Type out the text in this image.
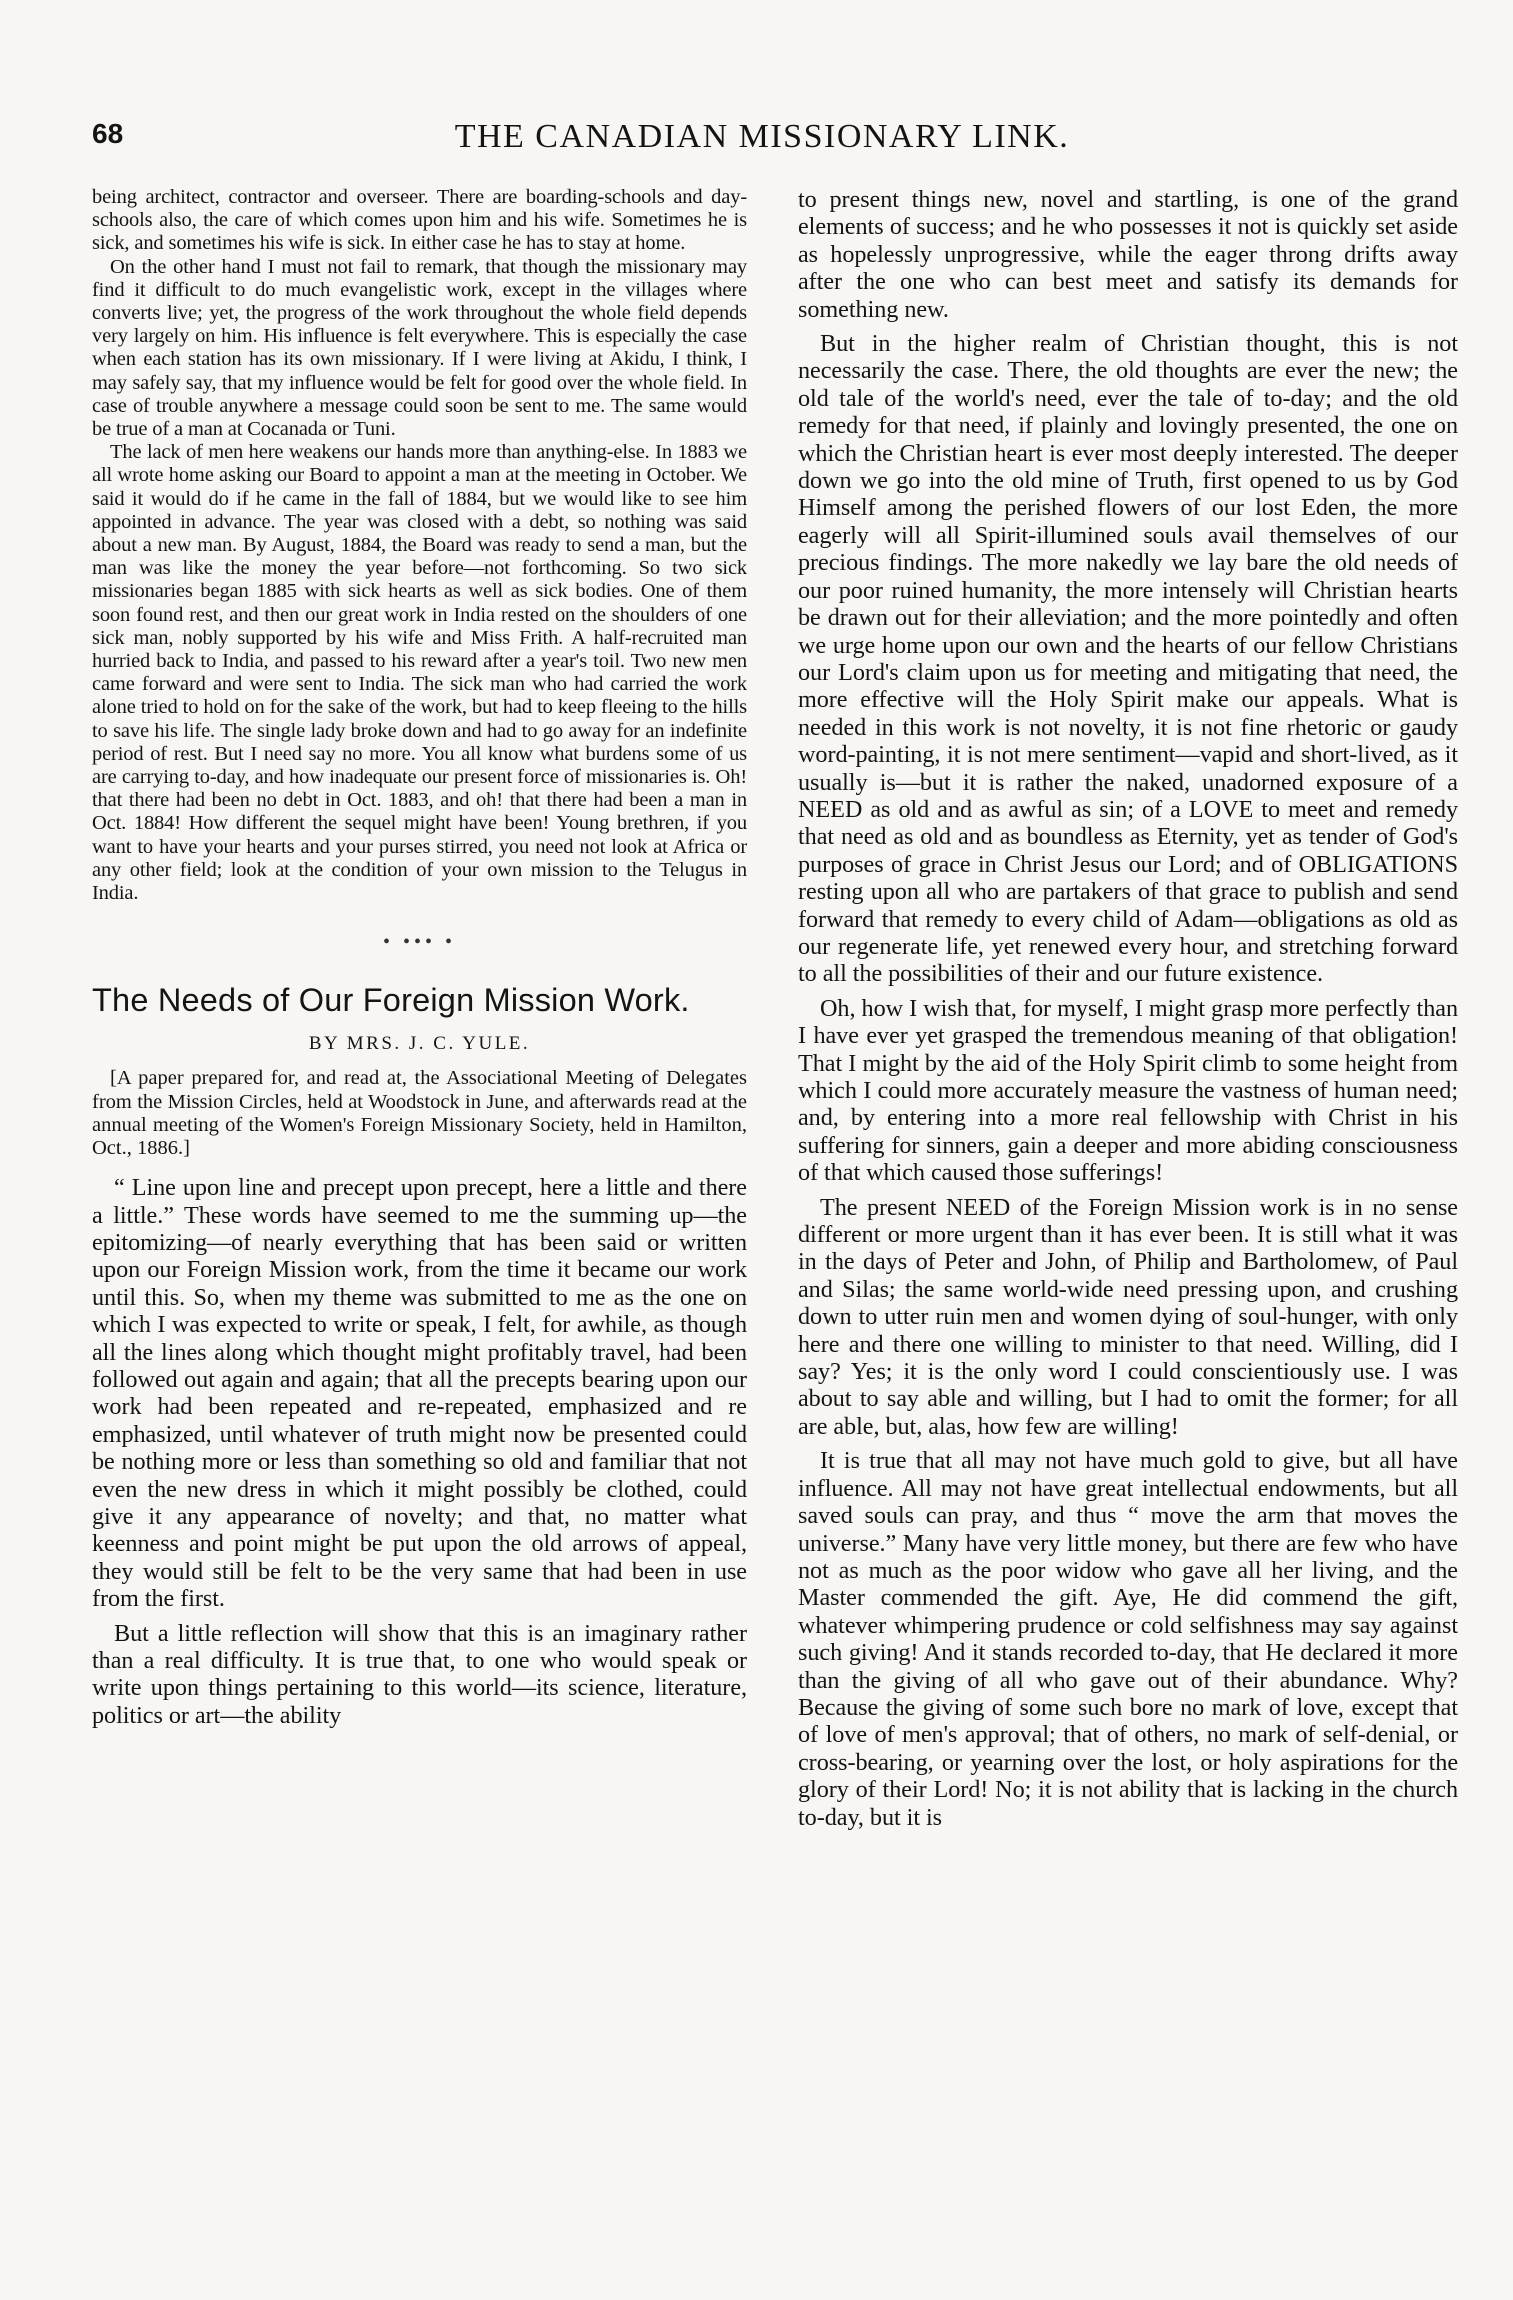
68	THE CANADIAN MISSIONARY LINK.

being architect, contractor and overseer. There are boarding-schools and day-schools also, the care of which comes upon him and his wife. Sometimes he is sick, and sometimes his wife is sick. In either case he has to stay at home.

On the other hand I must not fail to remark, that though the missionary may find it difficult to do much evangelistic work, except in the villages where converts live; yet, the progress of the work throughout the whole field depends very largely on him. His influence is felt everywhere. This is especially the case when each station has its own missionary. If I were living at Akidu, I think, I may safely say, that my influence would be felt for good over the whole field. In case of trouble anywhere a message could soon be sent to me. The same would be true of a man at Cocanada or Tuni.

The lack of men here weakens our hands more than anything-else. In 1883 we all wrote home asking our Board to appoint a man at the meeting in October. We said it would do if he came in the fall of 1884, but we would like to see him appointed in advance. The year was closed with a debt, so nothing was said about a new man. By August, 1884, the Board was ready to send a man, but the man was like the money the year before—not forthcoming. So two sick missionaries began 1885 with sick hearts as well as sick bodies. One of them soon found rest, and then our great work in India rested on the shoulders of one sick man, nobly supported by his wife and Miss Frith. A half-recruited man hurried back to India, and passed to his reward after a year's toil. Two new men came forward and were sent to India. The sick man who had carried the work alone tried to hold on for the sake of the work, but had to keep fleeing to the hills to save his life. The single lady broke down and had to go away for an indefinite period of rest. But I need say no more. You all know what burdens some of us are carrying to-day, and how inadequate our present force of missionaries is. Oh! that there had been no debt in Oct. 1883, and oh! that there had been a man in Oct. 1884! How different the sequel might have been! Young brethren, if you want to have your hearts and your purses stirred, you need not look at Africa or any other field; look at the condition of your own mission to the Telugus in India.

• ••• •
The Needs of Our Foreign Mission Work.
BY MRS. J. C. YULE.
[A paper prepared for, and read at, the Associational Meeting of Delegates from the Mission Circles, held at Woodstock in June, and afterwards read at the annual meeting of the Women's Foreign Missionary Society, held in Hamilton, Oct., 1886.]

“ Line upon line and precept upon precept, here a little and there a little.” These words have seemed to me the summing up—the epitomizing—of nearly everything that has been said or written upon our Foreign Mission work, from the time it became our work until this. So, when my theme was submitted to me as the one on which I was expected to write or speak, I felt, for awhile, as though all the lines along which thought might profitably travel, had been followed out again and again; that all the precepts bearing upon our work had been repeated and re-repeated, emphasized and re emphasized, until whatever of truth might now be presented could be nothing more or less than something so old and familiar that not even the new dress in which it might possibly be clothed, could give it any appearance of novelty; and that, no matter what keenness and point might be put upon the old arrows of appeal, they would still be felt to be the very same that had been in use from the first.

But a little reflection will show that this is an imaginary rather than a real difficulty. It is true that, to one who would speak or write upon things pertaining to this world—its science, literature, politics or art—the ability

to present things new, novel and startling, is one of the grand elements of success; and he who possesses it not is quickly set aside as hopelessly unprogressive, while the eager throng drifts away after the one who can best meet and satisfy its demands for something new.

But in the higher realm of Christian thought, this is not necessarily the case. There, the old thoughts are ever the new; the old tale of the world's need, ever the tale of to-day; and the old remedy for that need, if plainly and lovingly presented, the one on which the Christian heart is ever most deeply interested. The deeper down we go into the old mine of Truth, first opened to us by God Himself among the perished flowers of our lost Eden, the more eagerly will all Spirit-illumined souls avail themselves of our precious findings. The more nakedly we lay bare the old needs of our poor ruined humanity, the more intensely will Christian hearts be drawn out for their alleviation; and the more pointedly and often we urge home upon our own and the hearts of our fellow Christians our Lord's claim upon us for meeting and mitigating that need, the more effective will the Holy Spirit make our appeals. What is needed in this work is not novelty, it is not fine rhetoric or gaudy word-painting, it is not mere sentiment—vapid and short-lived, as it usually is—but it is rather the naked, unadorned exposure of a NEED as old and as awful as sin; of a LOVE to meet and remedy that need as old and as boundless as Eternity, yet as tender of God's purposes of grace in Christ Jesus our Lord; and of OBLIGATIONS resting upon all who are partakers of that grace to publish and send forward that remedy to every child of Adam—obligations as old as our regenerate life, yet renewed every hour, and stretching forward to all the possibilities of their and our future existence.

Oh, how I wish that, for myself, I might grasp more perfectly than I have ever yet grasped the tremendous meaning of that obligation! That I might by the aid of the Holy Spirit climb to some height from which I could more accurately measure the vastness of human need; and, by entering into a more real fellowship with Christ in his suffering for sinners, gain a deeper and more abiding consciousness of that which caused those sufferings!

The present NEED of the Foreign Mission work is in no sense different or more urgent than it has ever been. It is still what it was in the days of Peter and John, of Philip and Bartholomew, of Paul and Silas; the same world-wide need pressing upon, and crushing down to utter ruin men and women dying of soul-hunger, with only here and there one willing to minister to that need. Willing, did I say? Yes; it is the only word I could conscientiously use. I was about to say able and willing, but I had to omit the former; for all are able, but, alas, how few are willing!

It is true that all may not have much gold to give, but all have influence. All may not have great intellectual endowments, but all saved souls can pray, and thus “ move the arm that moves the universe.” Many have very little money, but there are few who have not as much as the poor widow who gave all her living, and the Master commended the gift. Aye, He did commend the gift, whatever whimpering prudence or cold selfishness may say against such giving! And it stands recorded to-day, that He declared it more than the giving of all who gave out of their abundance. Why? Because the giving of some such bore no mark of love, except that of love of men's approval; that of others, no mark of self-denial, or cross-bearing, or yearning over the lost, or holy aspirations for the glory of their Lord! No; it is not ability that is lacking in the church to-day, but it is
